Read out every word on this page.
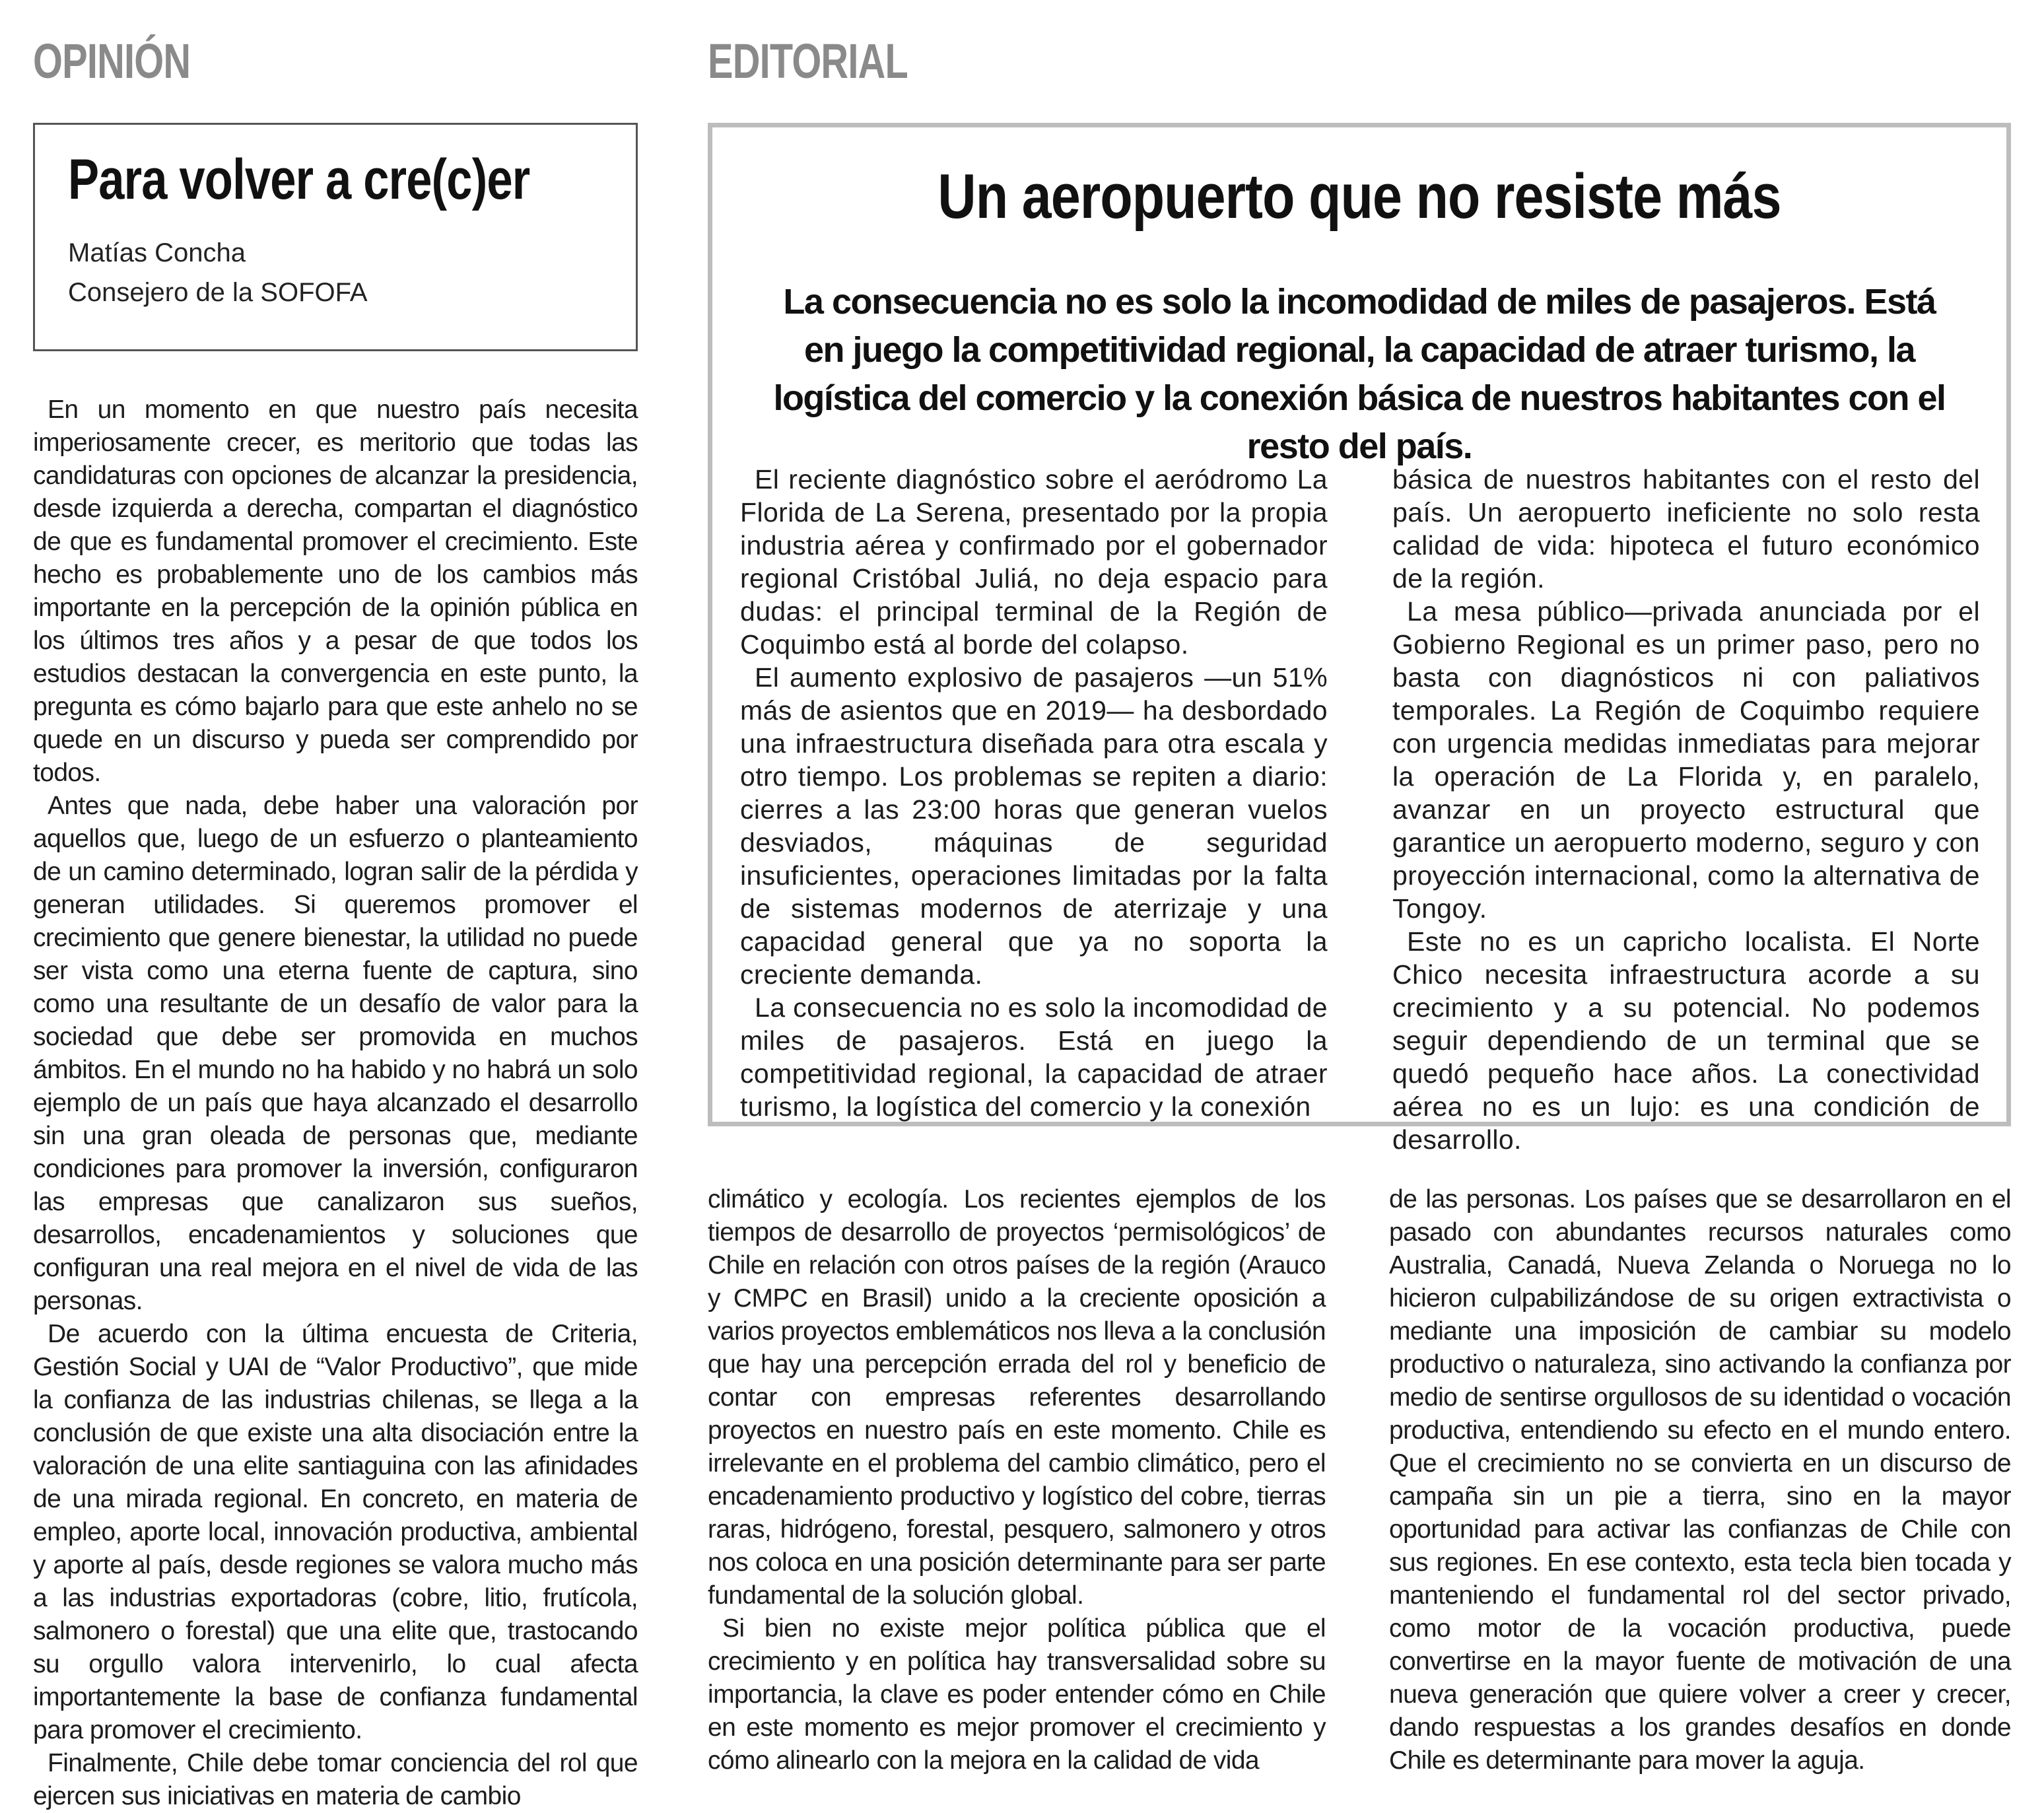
OPINIÓN	EDITORIAL
Para volver a cre(c)er
Matías Concha
Consejero de la SOFOFA

En un momento en que nuestro país necesita imperiosamente crecer, es meritorio que todas las candidaturas con opciones de alcanzar la presidencia, desde izquierda a derecha, compartan el diagnóstico de que es fundamental promover el crecimiento. Este hecho es probablemente uno de los cambios más importante en la percepción de la opinión pública en los últimos tres años y a pesar de que todos los estudios destacan la convergencia en este punto, la pregunta es cómo bajarlo para que este anhelo no se quede en un discurso y pueda ser comprendido por todos.

Antes que nada, debe haber una valoración por aquellos que, luego de un esfuerzo o planteamiento de un camino determinado, logran salir de la pérdida y generan utilidades. Si queremos promover el crecimiento que genere bienestar, la utilidad no puede ser vista como una eterna fuente de captura, sino como una resultante de un desafío de valor para la sociedad que debe ser promovida en muchos ámbitos. En el mundo no ha habido y no habrá un solo ejemplo de un país que haya alcanzado el desarrollo sin una gran oleada de personas que, mediante condiciones para promover la inversión, configuraron las empresas que canalizaron sus sueños, desarrollos, encadenamientos y soluciones que configuran una real mejora en el nivel de vida de las personas.

De acuerdo con la última encuesta de Criteria, Gestión Social y UAI de “Valor Productivo”, que mide la confianza de las industrias chilenas, se llega a la conclusión de que existe una alta disociación entre la valoración de una elite santiaguina con las afinidades de una mirada regional. En concreto, en materia de empleo, aporte local, innovación productiva, ambiental y aporte al país, desde regiones se valora mucho más a las industrias exportadoras (cobre, litio, frutícola, salmonero o forestal) que una elite que, trastocando su orgullo valora intervenirlo, lo cual afecta importantemente la base de confianza fundamental para promover el crecimiento.

Finalmente, Chile debe tomar conciencia del rol que ejercen sus iniciativas en materia de cambio

climático y ecología. Los recientes ejemplos de los tiempos de desarrollo de proyectos ‘permisológicos’ de Chile en relación con otros países de la región (Arauco y CMPC en Brasil) unido a la creciente oposición a varios proyectos emblemáticos nos lleva a la conclusión que hay una percepción errada del rol y beneficio de contar con empresas referentes desarrollando proyectos en nuestro país en este momento. Chile es irrelevante en el problema del cambio climático, pero el encadenamiento productivo y logístico del cobre, tierras raras, hidrógeno, forestal, pesquero, salmonero y otros nos coloca en una posición determinante para ser parte fundamental de la solución global.

Si bien no existe mejor política pública que el crecimiento y en política hay transversalidad sobre su importancia, la clave es poder entender cómo en Chile en este momento es mejor promover el crecimiento y cómo alinearlo con la mejora en la calidad de vida

de las personas. Los países que se desarrollaron en el pasado con abundantes recursos naturales como Australia, Canadá, Nueva Zelanda o Noruega no lo hicieron culpabilizándose de su origen extractivista o mediante una imposición de cambiar su modelo productivo o naturaleza, sino activando la confianza por medio de sentirse orgullosos de su identidad o vocación productiva, entendiendo su efecto en el mundo entero. Que el crecimiento no se convierta en un discurso de campaña sin un pie a tierra, sino en la mayor oportunidad para activar las confianzas de Chile con sus regiones. En ese contexto, esta tecla bien tocada y manteniendo el fundamental rol del sector privado, como motor de la vocación productiva, puede convertirse en la mayor fuente de motivación de una nueva generación que quiere volver a creer y crecer, dando respuestas a los grandes desafíos en donde Chile es determinante para mover la aguja.

Un aeropuerto que no resiste más
La consecuencia no es solo la incomodidad de miles de pasajeros. Está en juego la competitividad regional, la capacidad de atraer turismo, la logística del comercio y la conexión básica de nuestros habitantes con el resto del país.

El reciente diagnóstico sobre el aeródromo La Florida de La Serena, presentado por la propia industria aérea y confirmado por el gobernador regional Cristóbal Juliá, no deja espacio para dudas: el principal terminal de la Región de Coquimbo está al borde del colapso.

El aumento explosivo de pasajeros —un 51% más de asientos que en 2019— ha desbordado una infraestructura diseñada para otra escala y otro tiempo. Los problemas se repiten a diario: cierres a las 23:00 horas que generan vuelos desviados, máquinas de seguridad insuficientes, operaciones limitadas por la falta de sistemas modernos de aterrizaje y una capacidad general que ya no soporta la creciente demanda.

La consecuencia no es solo la incomodidad de miles de pasajeros. Está en juego la competitividad regional, la capacidad de atraer turismo, la logística del comercio y la conexión

básica de nuestros habitantes con el resto del país. Un aeropuerto ineficiente no solo resta calidad de vida: hipoteca el futuro económico de la región.

La mesa público—privada anunciada por el Gobierno Regional es un primer paso, pero no basta con diagnósticos ni con paliativos temporales. La Región de Coquimbo requiere con urgencia medidas inmediatas para mejorar la operación de La Florida y, en paralelo, avanzar en un proyecto estructural que garantice un aeropuerto moderno, seguro y con proyección internacional, como la alternativa de Tongoy.

Este no es un capricho localista. El Norte Chico necesita infraestructura acorde a su crecimiento y a su potencial. No podemos seguir dependiendo de un terminal que se quedó pequeño hace años. La conectividad aérea no es un lujo: es una condición de desarrollo.
